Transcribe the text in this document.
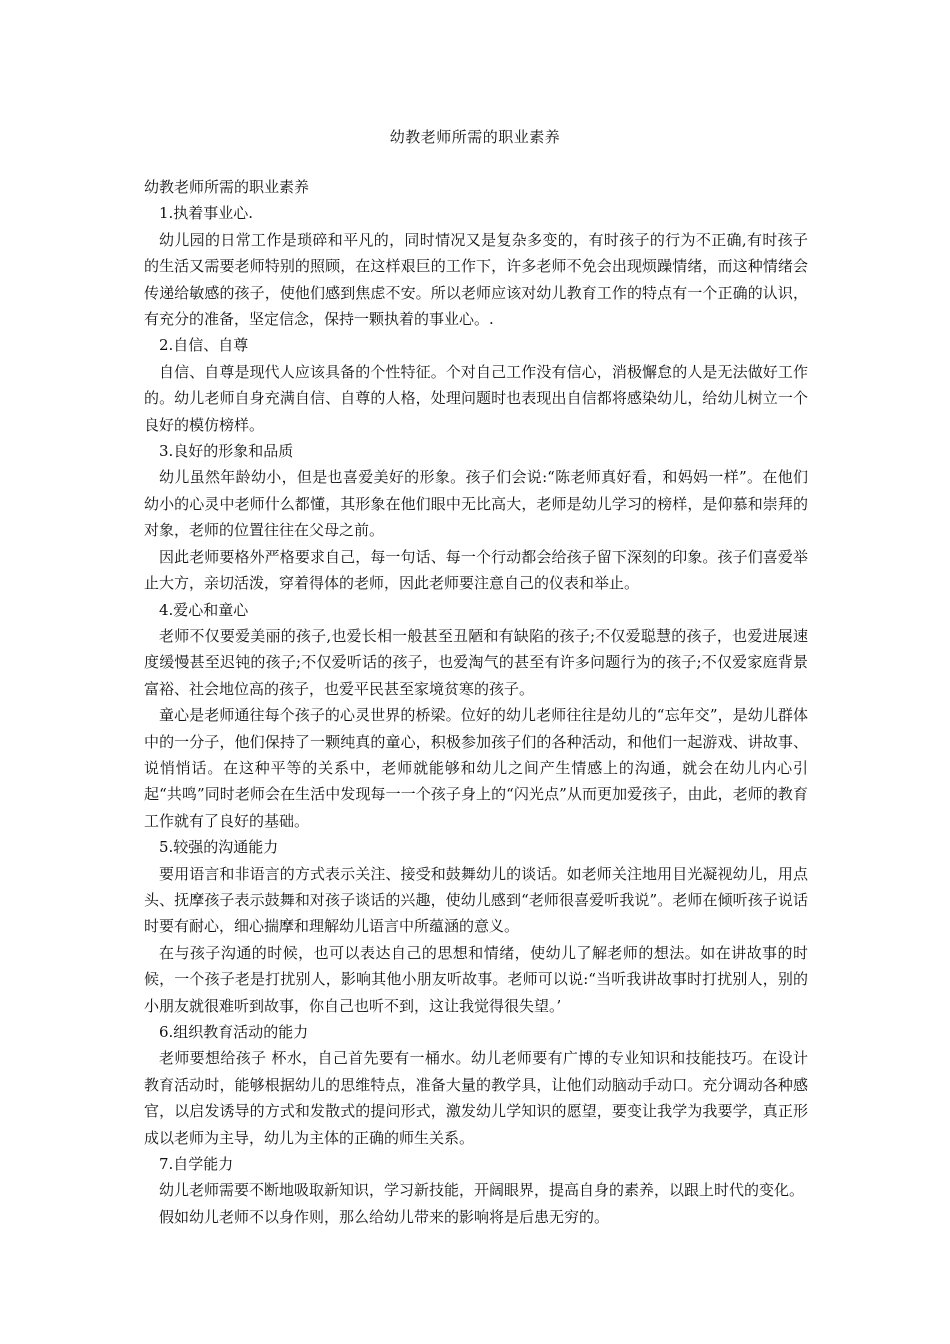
幼教老师所需的职业素养

幼教老师所需的职业素养

1.执着事业心.

幼儿园的日常工作是琐碎和平凡的，同时情况又是复杂多变的，有时孩子的行为不正确,有时孩子的生活又需要老师特别的照顾，在这样艰巨的工作下，许多老师不免会出现烦躁情绪，而这种情绪会传递给敏感的孩子，使他们感到焦虑不安。所以老师应该对幼儿教育工作的特点有一个正确的认识，有充分的准备，坚定信念，保持一颗执着的事业心。.

2.自信、自尊

自信、自尊是现代人应该具备的个性特征。个对自己工作没有信心，消极懈怠的人是无法做好工作的。幼儿老师自身充满自信、自尊的人格，处理问题时也表现出自信都将感染幼儿，给幼儿树立一个良好的模仿榜样。

3.良好的形象和品质

幼儿虽然年龄幼小，但是也喜爱美好的形象。孩子们会说:“陈老师真好看，和妈妈一样”。在他们幼小的心灵中老师什么都懂，其形象在他们眼中无比高大，老师是幼儿学习的榜样，是仰慕和崇拜的对象，老师的位置往往在父母之前。

因此老师要格外严格要求自己，每一句话、每一个行动都会给孩子留下深刻的印象。孩子们喜爱举止大方，亲切活泼，穿着得体的老师，因此老师要注意自己的仪表和举止。

4.爱心和童心

老师不仅要爱美丽的孩子,也爱长相一般甚至丑陋和有缺陷的孩子;不仅爱聪慧的孩子，也爱进展速度缓慢甚至迟钝的孩子;不仅爱听话的孩子，也爱淘气的甚至有许多问题行为的孩子;不仅爱家庭背景富裕、社会地位高的孩子，也爱平民甚至家境贫寒的孩子。

童心是老师通往每个孩子的心灵世界的桥梁。位好的幼儿老师往往是幼儿的“忘年交”，是幼儿群体中的一分子，他们保持了一颗纯真的童心，积极参加孩子们的各种活动，和他们一起游戏、讲故事、说悄悄话。在这种平等的关系中，老师就能够和幼儿之间产生情感上的沟通，就会在幼儿内心引起“共鸣”同时老师会在生活中发现每一一个孩子身上的“闪光点”从而更加爱孩子，由此，老师的教育工作就有了良好的基础。

5.较强的沟通能力

要用语言和非语言的方式表示关注、接受和鼓舞幼儿的谈话。如老师关注地用目光凝视幼儿，用点头、抚摩孩子表示鼓舞和对孩子谈话的兴趣，使幼儿感到“老师很喜爱听我说”。老师在倾听孩子说话时要有耐心，细心揣摩和理解幼儿语言中所蕴涵的意义。

在与孩子沟通的时候，也可以表达自己的思想和情绪，使幼儿了解老师的想法。如在讲故事的时候，一个孩子老是打扰别人，影响其他小朋友听故事。老师可以说:“当听我讲故事时打扰别人，别的小朋友就很难听到故事，你自己也听不到，这让我觉得很失望。’

6.组织教育活动的能力

老师要想给孩子 杯水，自己首先要有一桶水。幼儿老师要有广博的专业知识和技能技巧。在设计教育活动时，能够根据幼儿的思维特点，准备大量的教学具，让他们动脑动手动口。充分调动各种感官，以启发诱导的方式和发散式的提问形式，激发幼儿学知识的愿望，要变让我学为我要学，真正形成以老师为主导，幼儿为主体的正确的师生关系。

7.自学能力

幼儿老师需要不断地吸取新知识，学习新技能，开阔眼界，提高自身的素养，以跟上时代的变化。

假如幼儿老师不以身作则，那么给幼儿带来的影响将是后患无穷的。
